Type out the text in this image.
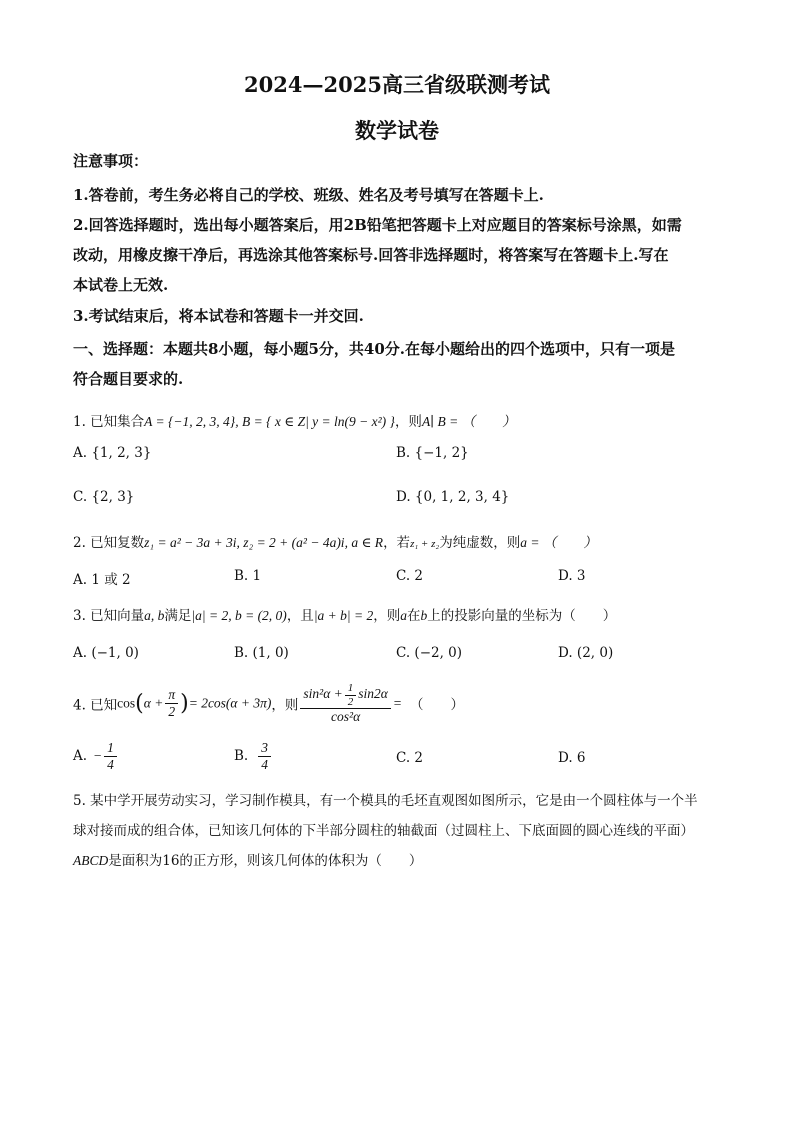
2024—2025高三省级联测考试
数学试卷
注意事项：
1.答卷前，考生务必将自己的学校、班级、姓名及考号填写在答题卡上.
2.回答选择题时，选出每小题答案后，用2B铅笔把答题卡上对应题目的答案标号涂黑，如需
改动，用橡皮擦干净后，再选涂其他答案标号.回答非选择题时，将答案写在答题卡上.写在
本试卷上无效.
3.考试结束后，将本试卷和答题卡一并交回.
一、选择题：本题共8小题，每小题5分，共40分.在每小题给出的四个选项中，只有一项是
符合题目要求的.
1. 已知集合A = {−1, 2, 3, 4}, B = { x ∈ Z| y = ln(9 − x²) }，则A∣ B = （　　）
A. {1, 2, 3}	B. {−1, 2}
C. {2, 3}	D. {0, 1, 2, 3, 4}
2. 已知复数z₁ = a² − 3a + 3i, z₂ = 2 + (a² − 4a)i, a ∈ R，若z₁ + z₂为纯虚数，则a = （　　）
A. 1 或 2	B. 1	C. 2	D. 3
3. 已知向量a, b满足|a| = 2, b = (2, 0)，且|a + b| = 2，则a在b上的投影向量的坐标为（　　）
A. (−1, 0)	B. (1, 0)	C. (−2, 0)	D. (2, 0)
4. 已知$\cos(\alpha + \frac{\pi}{2}$ )= 2cos(α + 3π)，则 $\frac{\sin^2\alpha + \frac{1}{2} \sin 2\alpha}{\text{cos²α}}$ = （　　）
A. − $\frac{1}{4}$	B. $\frac{3}{4}$	C. 2	D. 6
5. 某中学开展劳动实习，学习制作模具，有一个模具的毛坯直观图如图所示，它是由一个圆柱体与一个半
球对接而成的组合体，已知该几何体的下半部分圆柱的轴截面（过圆柱上、下底面圆的圆心连线的平面）
ABCD是面积为16的正方形，则该几何体的体积为（　　）
